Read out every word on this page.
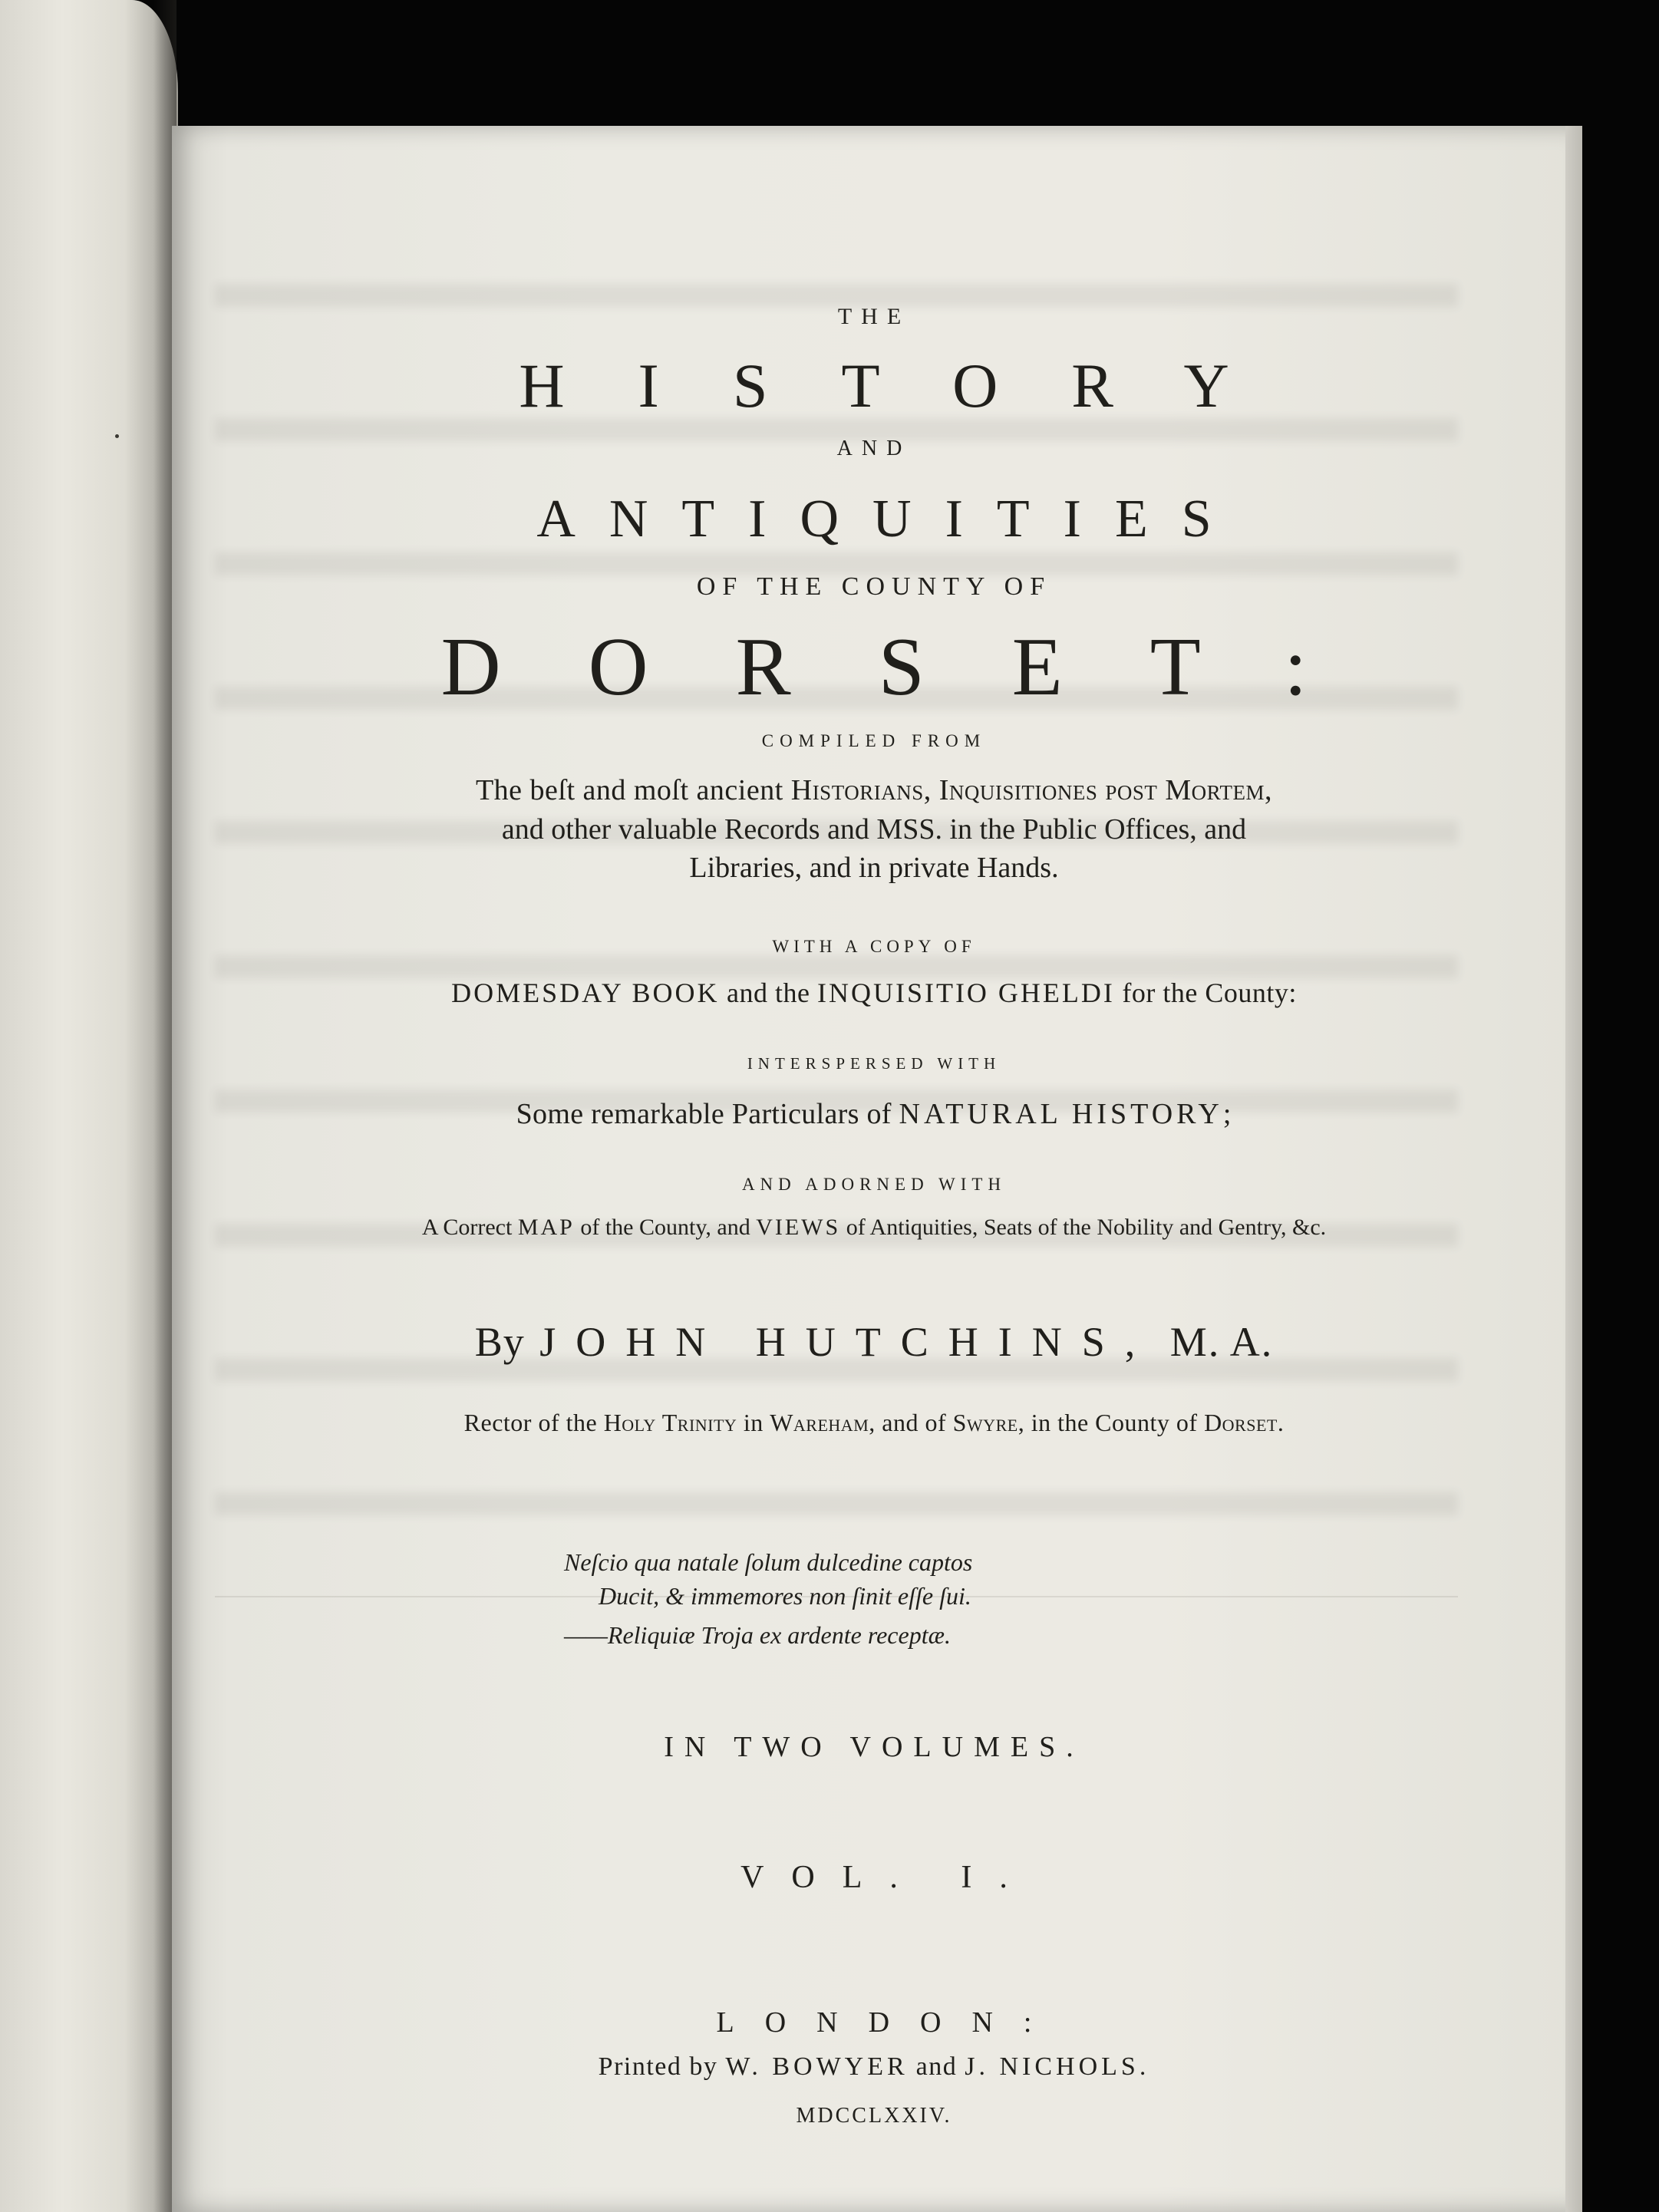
THE

HISTORY

AND

ANTIQUITIES

OF THE COUNTY OF

DORSET:

COMPILED FROM

The beſt and moſt ancient Historians, Inquisitiones post Mortem,

and other valuable Records and MSS. in the Public Offices, and

Libraries, and in private Hands.

WITH A COPY OF

DOMESDAY BOOK and the INQUISITIO GHELDI for the County:

INTERSPERSED WITH

Some remarkable Particulars of NATURAL HISTORY;

AND ADORNED WITH

A Correct MAP of the County, and VIEWS of Antiquities, Seats of the Nobility and Gentry, &c.

By JOHN HUTCHINS, M. A.

Rector of the Holy Trinity in Wareham, and of Swyre, in the County of Dorset.

Neſcio qua natale ſolum dulcedine captos

Ducit, & immemores non ſinit eſſe ſui.

——Reliquiæ Troja ex ardente receptæ.

IN TWO VOLUMES.

VOL. I.

LONDON:

Printed by W. BOWYER and J. NICHOLS.

MDCCLXXIV.
